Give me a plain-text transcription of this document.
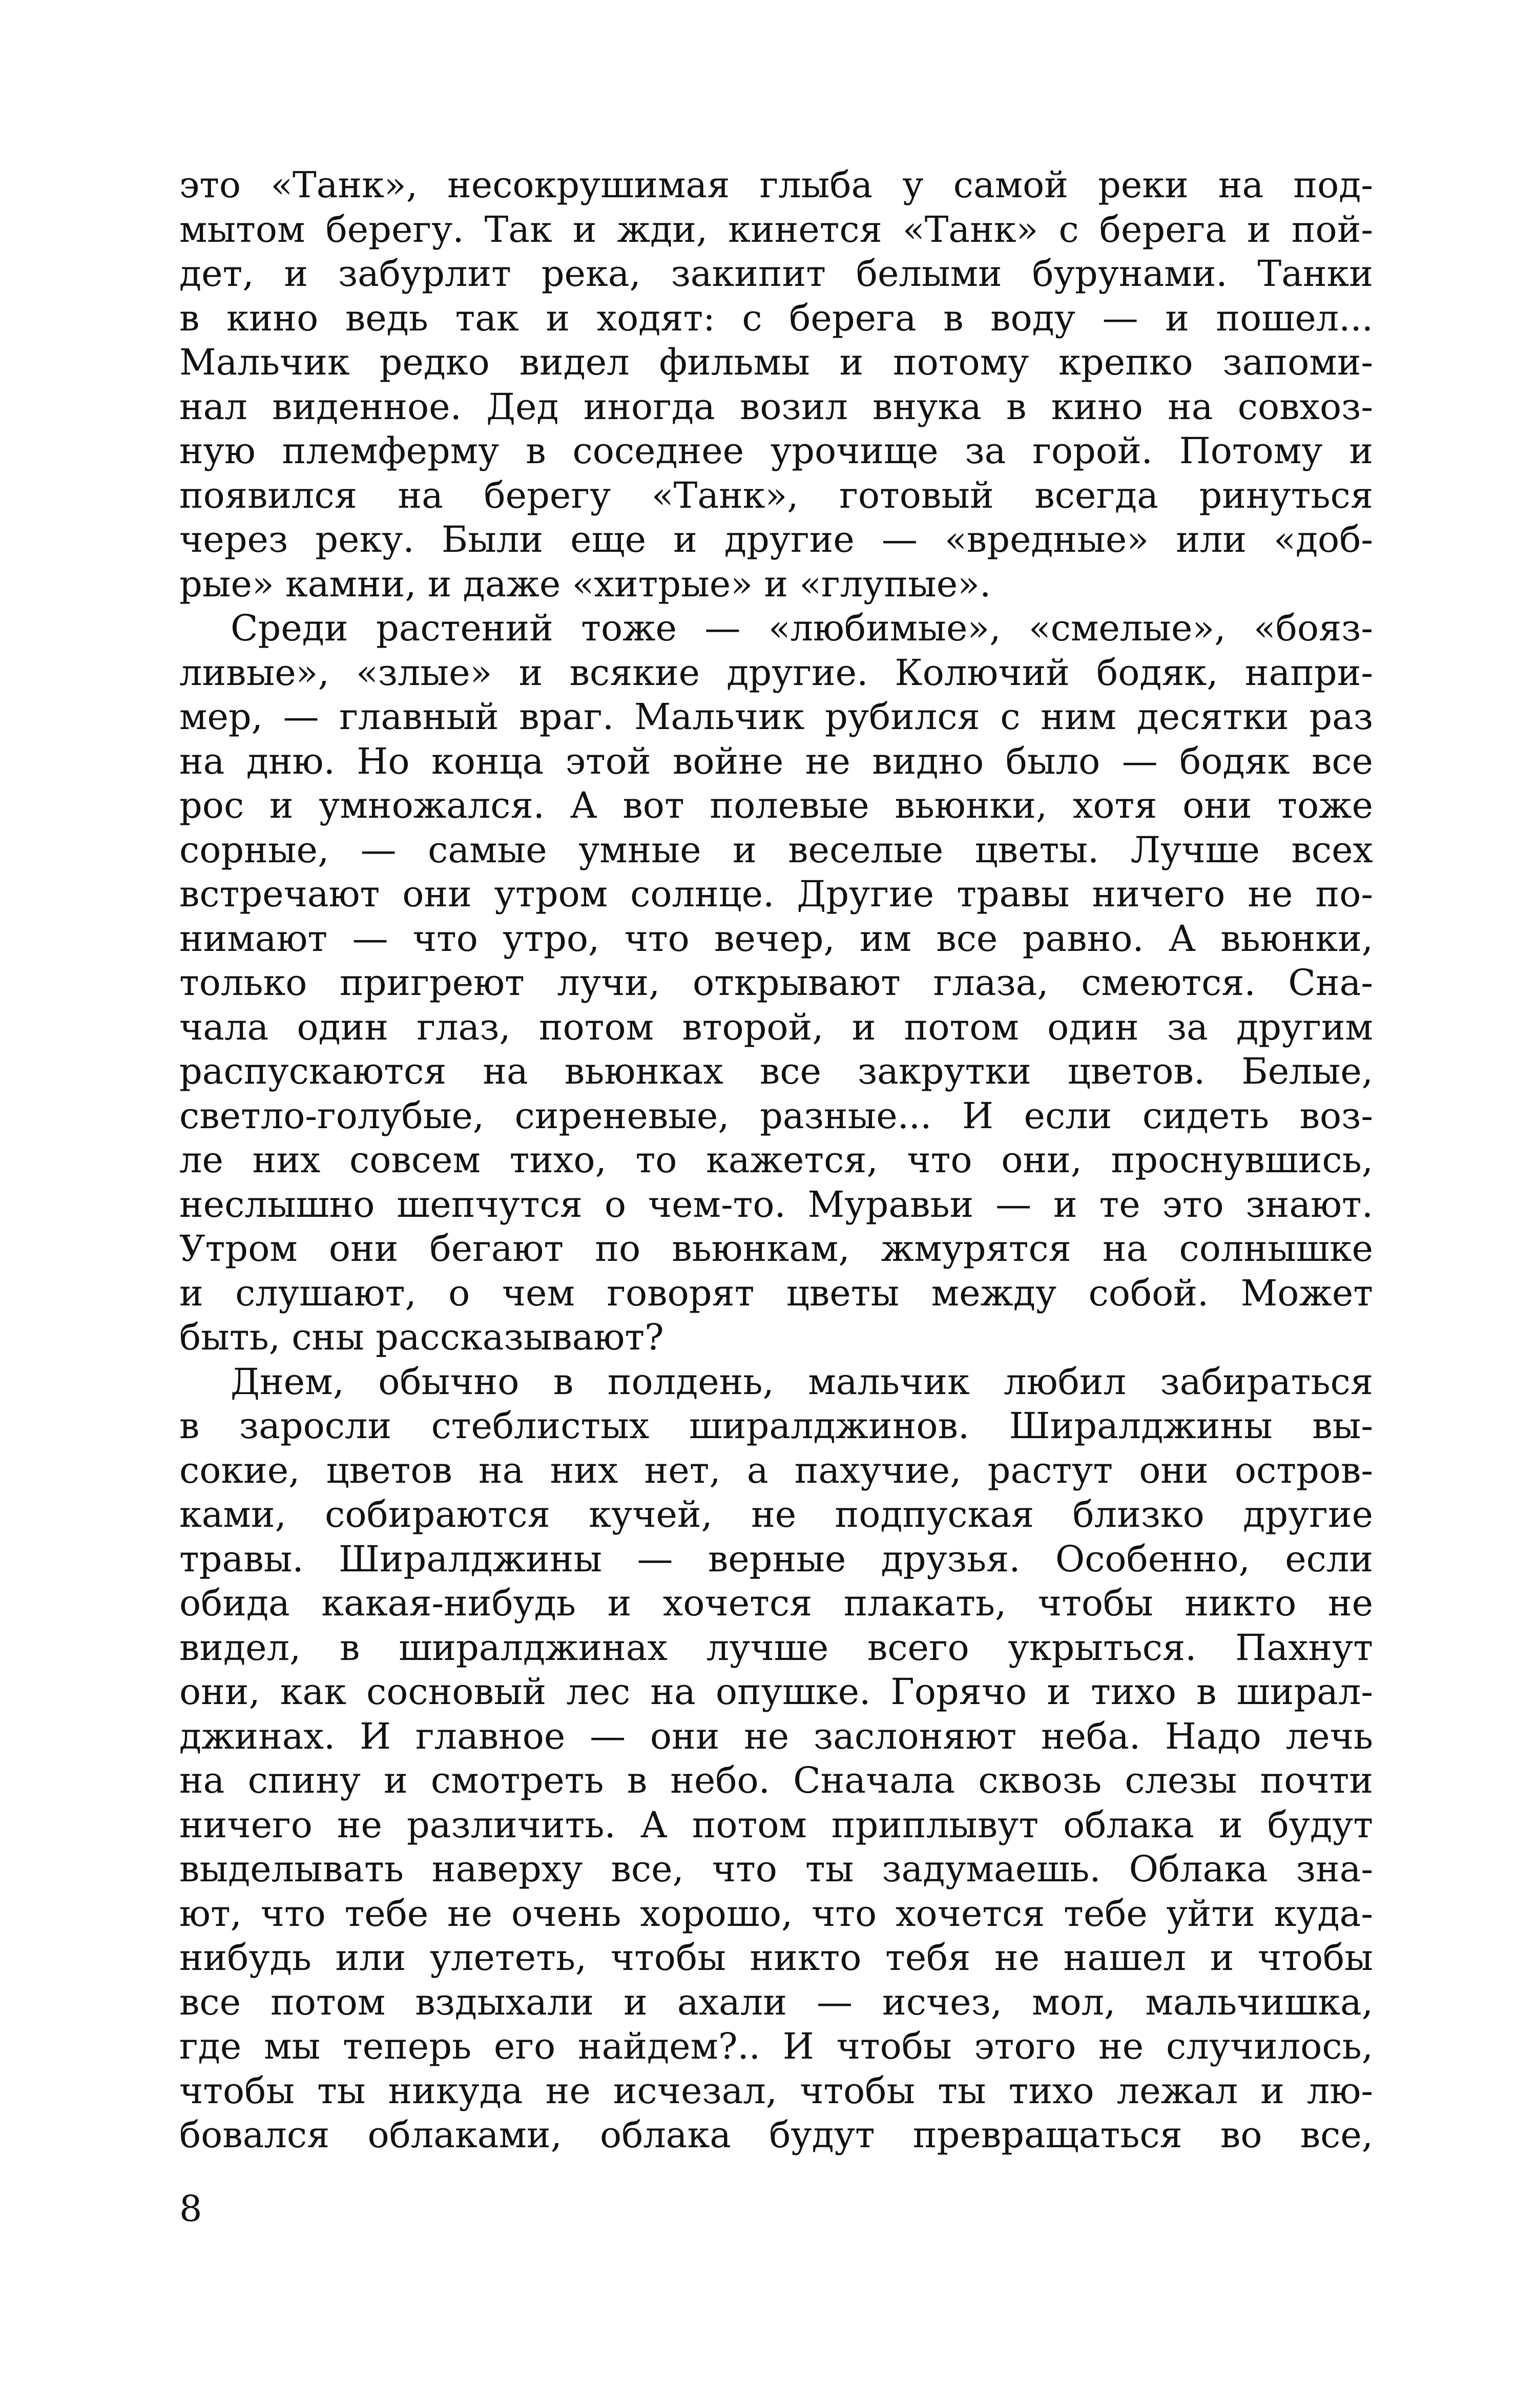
это «Танк», несокрушимая глыба у самой реки на под-
мытом берегу. Так и жди, кинется «Танк» с берега и пой-
дет, и забурлит река, закипит белыми бурунами. Танки
в кино ведь так и ходят: с берега в воду — и пошел...
Мальчик редко видел фильмы и потому крепко запоми-
нал виденное. Дед иногда возил внука в кино на совхоз-
ную племферму в соседнее урочище за горой. Потому и
появился на берегу «Танк», готовый всегда ринуться
через реку. Были еще и другие — «вредные» или «доб-
рые» камни, и даже «хитрые» и «глупые».
Среди растений тоже — «любимые», «смелые», «бояз-
ливые», «злые» и всякие другие. Колючий бодяк, напри-
мер, — главный враг. Мальчик рубился с ним десятки раз
на дню. Но конца этой войне не видно было — бодяк все
рос и умножался. А вот полевые вьюнки, хотя они тоже
сорные, — самые умные и веселые цветы. Лучше всех
встречают они утром солнце. Другие травы ничего не по-
нимают — что утро, что вечер, им все равно. А вьюнки,
только пригреют лучи, открывают глаза, смеются. Сна-
чала один глаз, потом второй, и потом один за другим
распускаются на вьюнках все закрутки цветов. Белые,
светло-голубые, сиреневые, разные... И если сидеть воз-
ле них совсем тихо, то кажется, что они, проснувшись,
неслышно шепчутся о чем-то. Муравьи — и те это знают.
Утром они бегают по вьюнкам, жмурятся на солнышке
и слушают, о чем говорят цветы между собой. Может
быть, сны рассказывают?
Днем, обычно в полдень, мальчик любил забираться
в заросли стеблистых ширалджинов. Ширалджины вы-
сокие, цветов на них нет, а пахучие, растут они остров-
ками, собираются кучей, не подпуская близко другие
травы. Ширалджины — верные друзья. Особенно, если
обида какая-нибудь и хочется плакать, чтобы никто не
видел, в ширалджинах лучше всего укрыться. Пахнут
они, как сосновый лес на опушке. Горячо и тихо в ширал-
джинах. И главное — они не заслоняют неба. Надо лечь
на спину и смотреть в небо. Сначала сквозь слезы почти
ничего не различить. А потом приплывут облака и будут
выделывать наверху все, что ты задумаешь. Облака зна-
ют, что тебе не очень хорошо, что хочется тебе уйти куда-
нибудь или улететь, чтобы никто тебя не нашел и чтобы
все потом вздыхали и ахали — исчез, мол, мальчишка,
где мы теперь его найдем?.. И чтобы этого не случилось,
чтобы ты никуда не исчезал, чтобы ты тихо лежал и лю-
бовался облаками, облака будут превращаться во все,
8
